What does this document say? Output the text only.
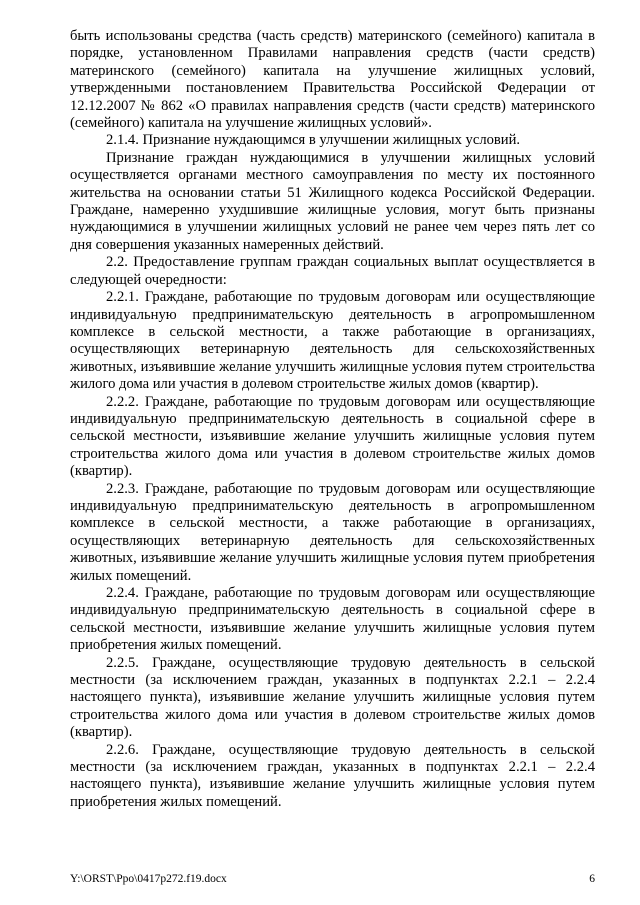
быть использованы средства (часть средств) материнского (семейного) капитала в порядке, установленном Правилами направления средств (части средств) материнского (семейного) капитала на улучшение жилищных условий, утвержденными постановлением Правительства Российской Федерации от 12.12.2007 № 862 «О правилах направления средств (части средств) материнского (семейного) капитала на улучшение жилищных условий».

2.1.4. Признание нуждающимся в улучшении жилищных условий.

Признание граждан нуждающимися в улучшении жилищных условий осуществляется органами местного самоуправления по месту их постоянного жительства на основании статьи 51 Жилищного кодекса Российской Федерации. Граждане, намеренно ухудшившие жилищные условия, могут быть признаны нуждающимися в улучшении жилищных условий не ранее чем через пять лет со дня совершения указанных намеренных действий.

2.2. Предоставление группам граждан социальных выплат осуществляется в следующей очередности:

2.2.1. Граждане, работающие по трудовым договорам или осуществляющие индивидуальную предпринимательскую деятельность в агропромышленном комплексе в сельской местности, а также работающие в организациях, осуществляющих ветеринарную деятельность для сельскохозяйственных животных, изъявившие желание улучшить жилищные условия путем строительства жилого дома или участия в долевом строительстве жилых домов (квартир).

2.2.2. Граждане, работающие по трудовым договорам или осуществляющие индивидуальную предпринимательскую деятельность в социальной сфере в сельской местности, изъявившие желание улучшить жилищные условия путем строительства жилого дома или участия в долевом строительстве жилых домов (квартир).

2.2.3. Граждане, работающие по трудовым договорам или осуществляющие индивидуальную предпринимательскую деятельность в агропромышленном комплексе в сельской местности, а также работающие в организациях, осуществляющих ветеринарную деятельность для сельскохозяйственных животных, изъявившие желание улучшить жилищные условия путем приобретения жилых помещений.

2.2.4. Граждане, работающие по трудовым договорам или осуществляющие индивидуальную предпринимательскую деятельность в социальной сфере в сельской местности, изъявившие желание улучшить жилищные условия путем приобретения жилых помещений.

2.2.5. Граждане, осуществляющие трудовую деятельность в сельской местности (за исключением граждан, указанных в подпунктах 2.2.1 – 2.2.4 настоящего пункта), изъявившие желание улучшить жилищные условия путем строительства жилого дома или участия в долевом строительстве жилых домов (квартир).

2.2.6. Граждане, осуществляющие трудовую деятельность в сельской местности (за исключением граждан, указанных в подпунктах 2.2.1 – 2.2.4 настоящего пункта), изъявившие желание улучшить жилищные условия путем приобретения жилых помещений.

Y:\ORST\Ppo\0417p272.f19.docx	6
